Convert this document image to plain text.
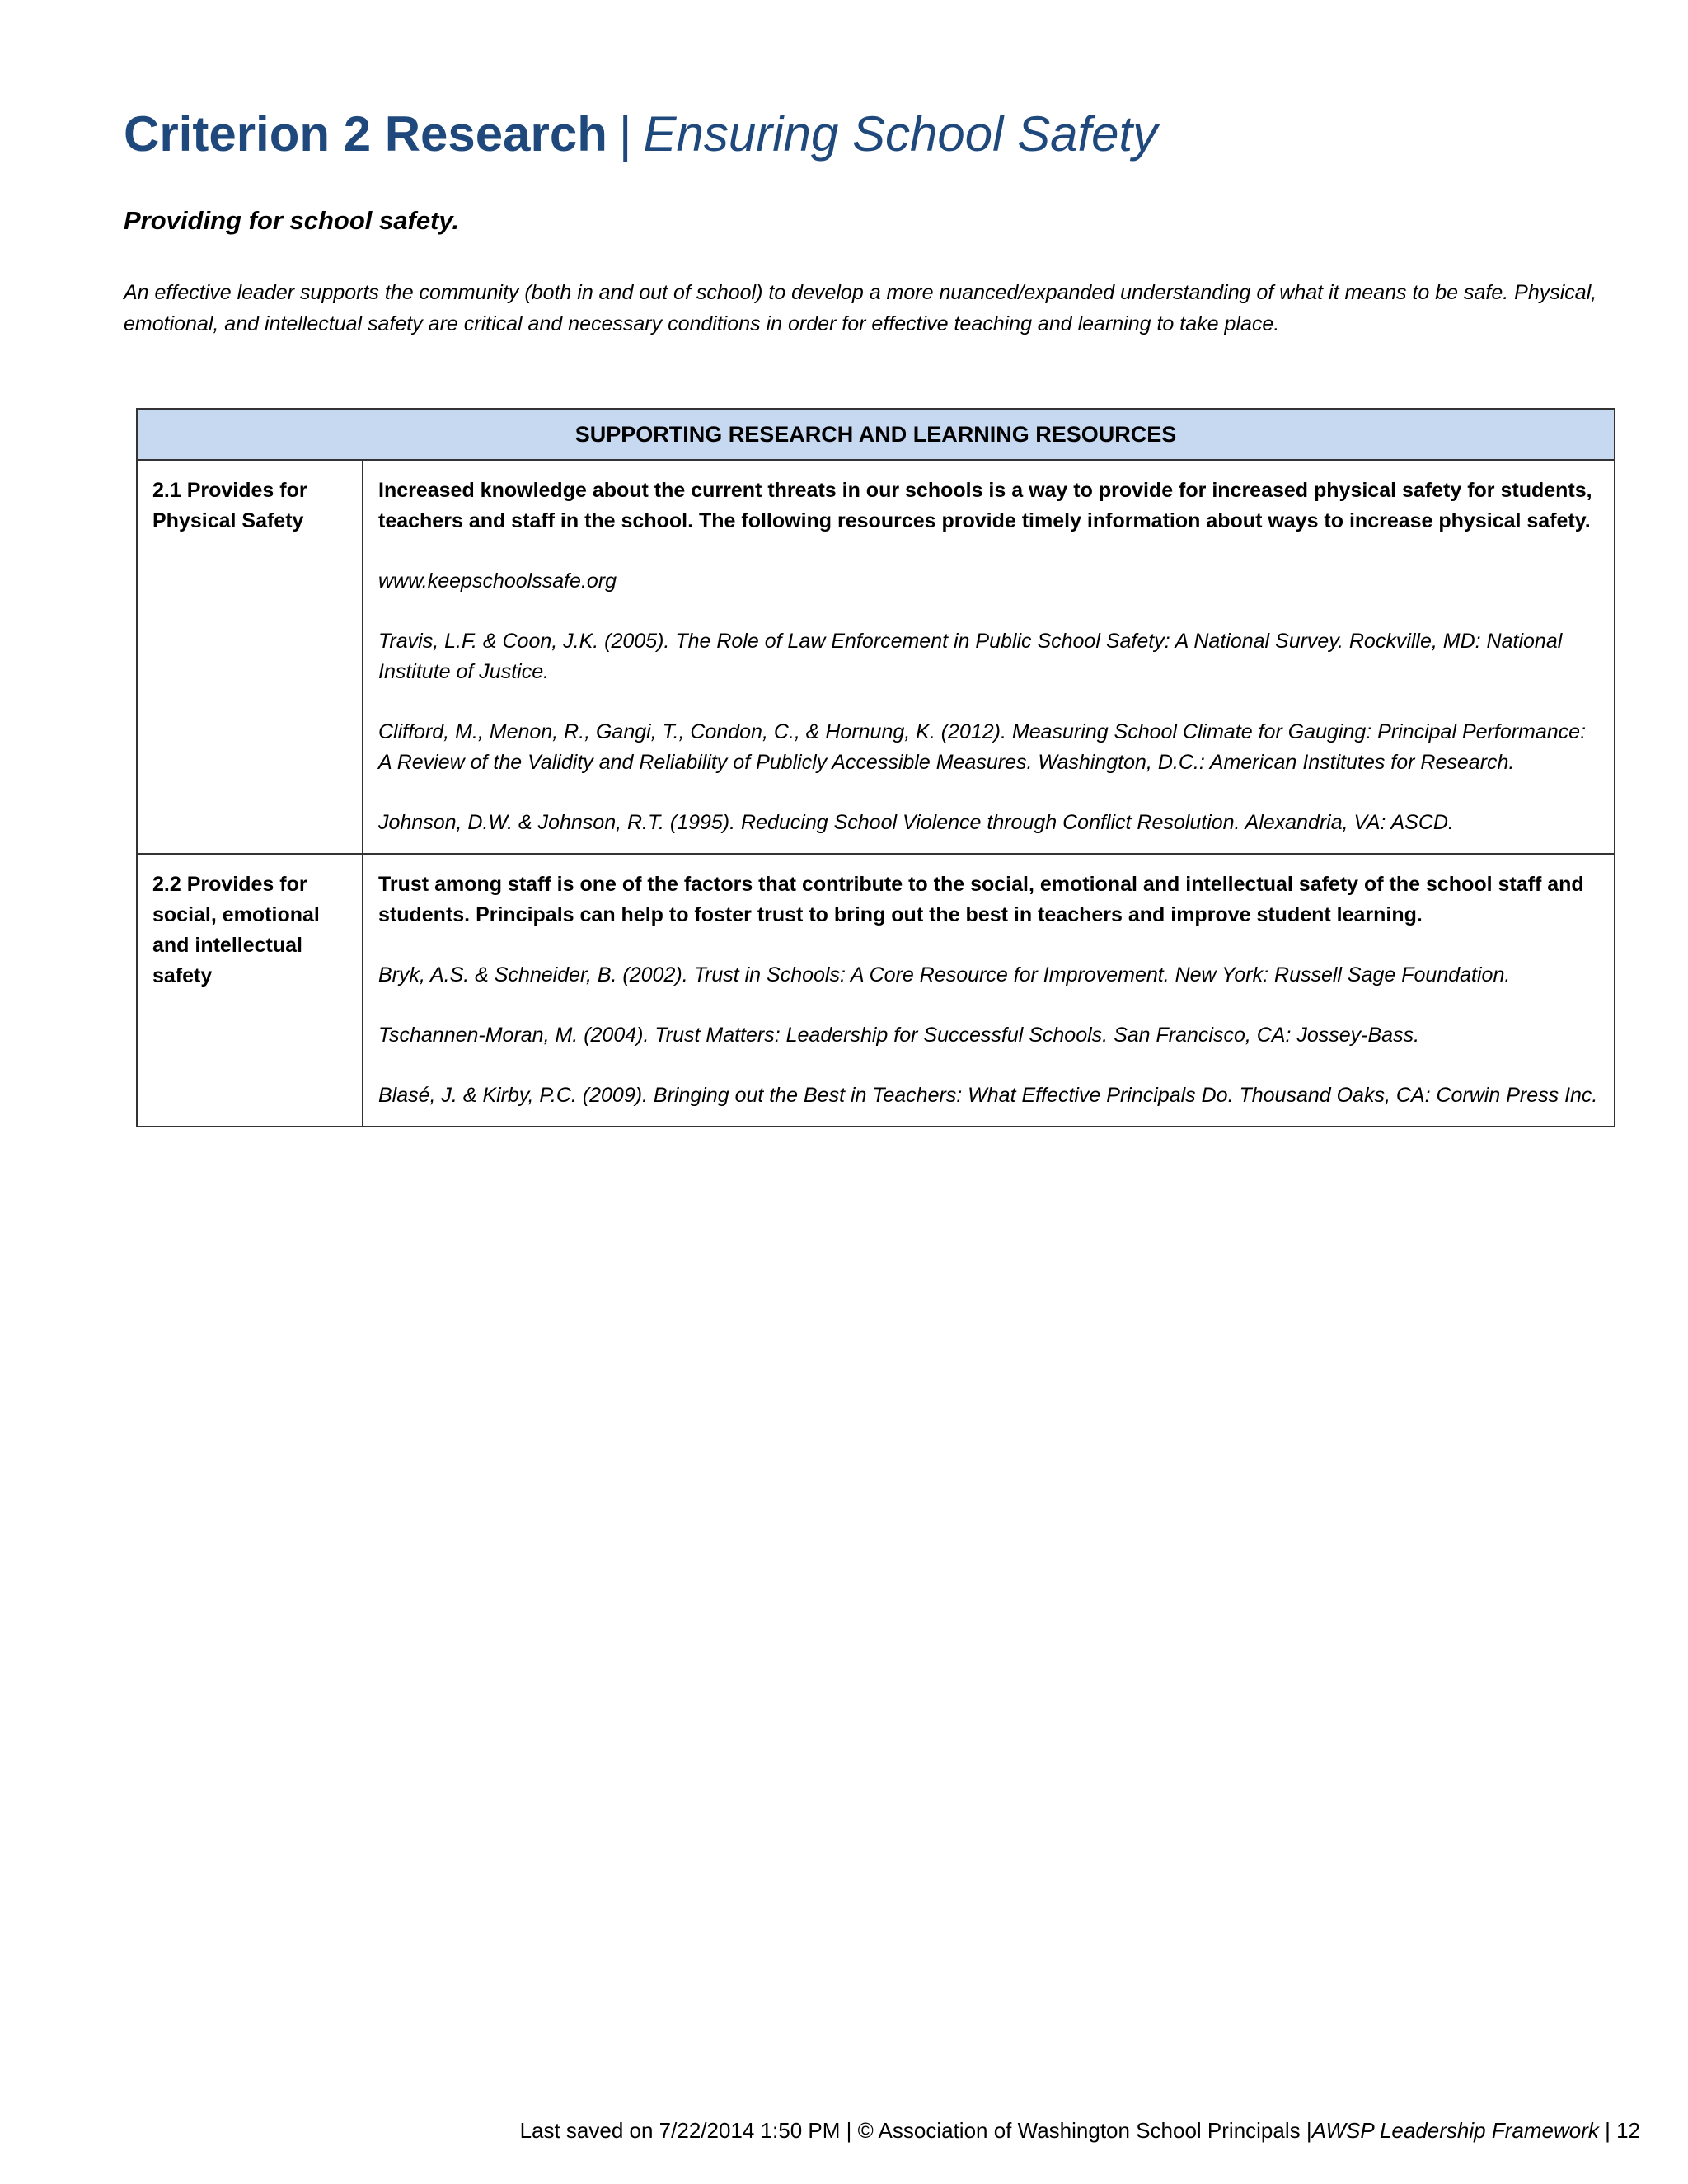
Criterion 2 Research | Ensuring School Safety
Providing for school safety.

An effective leader supports the community (both in and out of school) to develop a more nuanced/expanded understanding of what it means to be safe. Physical, emotional, and intellectual safety are critical and necessary conditions in order for effective teaching and learning to take place.

SUPPORTING RESEARCH AND LEARNING RESOURCES	
2.1 Provides for Physical Safety	Increased knowledge about the current threats in our schools is a way to provide for increased physical safety for students, teachers and staff in the school. The following resources provide timely information about ways to increase physical safety.

www.keepschoolssafe.org

Travis, L.F. & Coon, J.K. (2005). The Role of Law Enforcement in Public School Safety: A National Survey. Rockville, MD: National Institute of Justice.

Clifford, M., Menon, R., Gangi, T., Condon, C., & Hornung, K. (2012). Measuring School Climate for Gauging: Principal Performance: A Review of the Validity and Reliability of Publicly Accessible Measures. Washington, D.C.: American Institutes for Research.

Johnson, D.W. & Johnson, R.T. (1995). Reducing School Violence through Conflict Resolution. Alexandria, VA: ASCD.

2.2 Provides for social, emotional and intellectual safety	Trust among staff is one of the factors that contribute to the social, emotional and intellectual safety of the school staff and students. Principals can help to foster trust to bring out the best in teachers and improve student learning.

Bryk, A.S. & Schneider, B. (2002). Trust in Schools: A Core Resource for Improvement. New York: Russell Sage Foundation.

Tschannen-Moran, M. (2004). Trust Matters: Leadership for Successful Schools. San Francisco, CA: Jossey-Bass.

Blasé, J. & Kirby, P.C. (2009). Bringing out the Best in Teachers: What Effective Principals Do. Thousand Oaks, CA: Corwin Press Inc.

Last saved on 7/22/2014 1:50 PM | © Association of Washington School Principals |AWSP Leadership Framework | 12
